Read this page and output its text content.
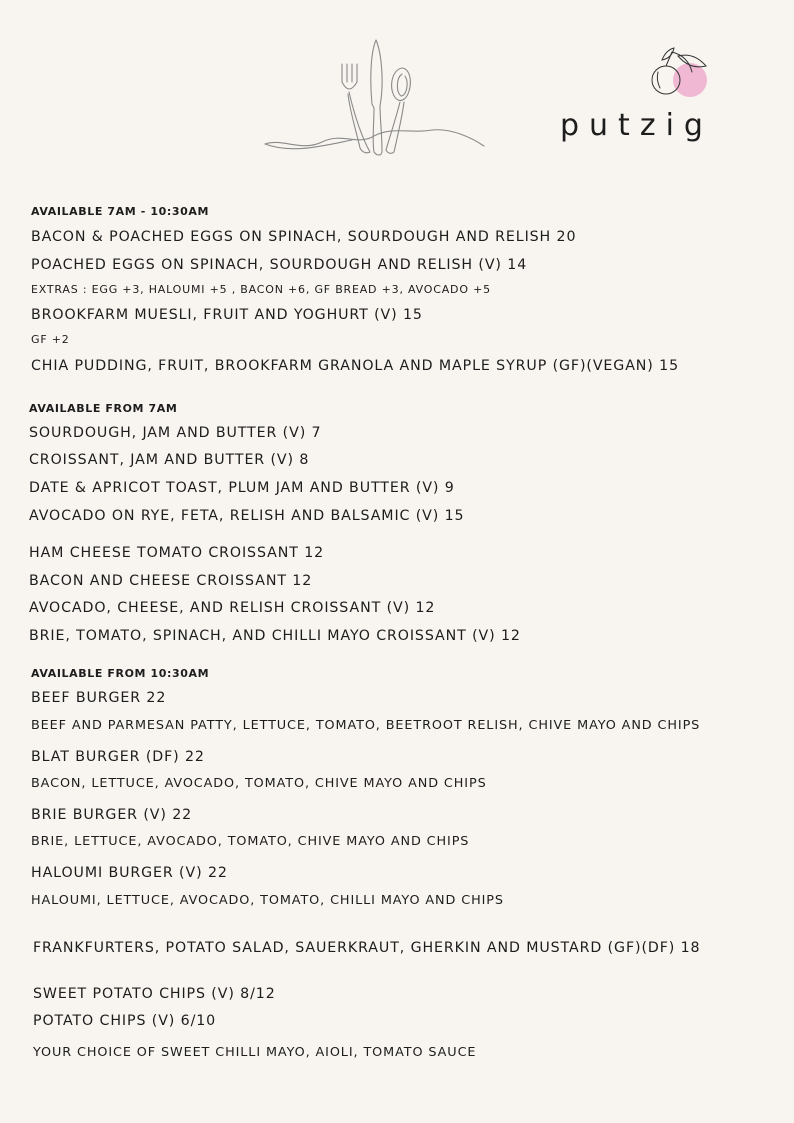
putzig
AVAILABLE 7AM - 10:30AM
BACON & POACHED EGGS ON SPINACH, SOURDOUGH AND RELISH 20
POACHED EGGS ON SPINACH, SOURDOUGH AND RELISH (V) 14
EXTRAS : EGG +3, HALOUMI +5 , BACON +6, GF BREAD +3, AVOCADO +5
BROOKFARM MUESLI, FRUIT AND YOGHURT (V) 15
GF +2
CHIA PUDDING, FRUIT, BROOKFARM GRANOLA AND MAPLE SYRUP (GF)(VEGAN) 15
AVAILABLE FROM 7AM
SOURDOUGH, JAM AND BUTTER (V) 7
CROISSANT, JAM AND BUTTER (V) 8
DATE & APRICOT TOAST, PLUM JAM AND BUTTER (V) 9
AVOCADO ON RYE, FETA, RELISH AND BALSAMIC (V) 15
HAM CHEESE TOMATO CROISSANT 12
BACON AND CHEESE CROISSANT 12
AVOCADO, CHEESE, AND RELISH CROISSANT (V) 12
BRIE, TOMATO, SPINACH, AND CHILLI MAYO CROISSANT (V) 12
AVAILABLE FROM 10:30AM
BEEF BURGER 22
BEEF AND PARMESAN PATTY, LETTUCE, TOMATO, BEETROOT RELISH, CHIVE MAYO AND CHIPS
BLAT BURGER (DF) 22
BACON, LETTUCE, AVOCADO, TOMATO, CHIVE MAYO AND CHIPS
BRIE BURGER (V) 22
BRIE, LETTUCE, AVOCADO, TOMATO, CHIVE MAYO AND CHIPS
HALOUMI BURGER (V) 22
HALOUMI, LETTUCE, AVOCADO, TOMATO, CHILLI MAYO AND CHIPS
FRANKFURTERS, POTATO SALAD, SAUERKRAUT, GHERKIN AND MUSTARD (GF)(DF) 18
SWEET POTATO CHIPS (V) 8/12
POTATO CHIPS (V) 6/10
YOUR CHOICE OF SWEET CHILLI MAYO, AIOLI, TOMATO SAUCE
